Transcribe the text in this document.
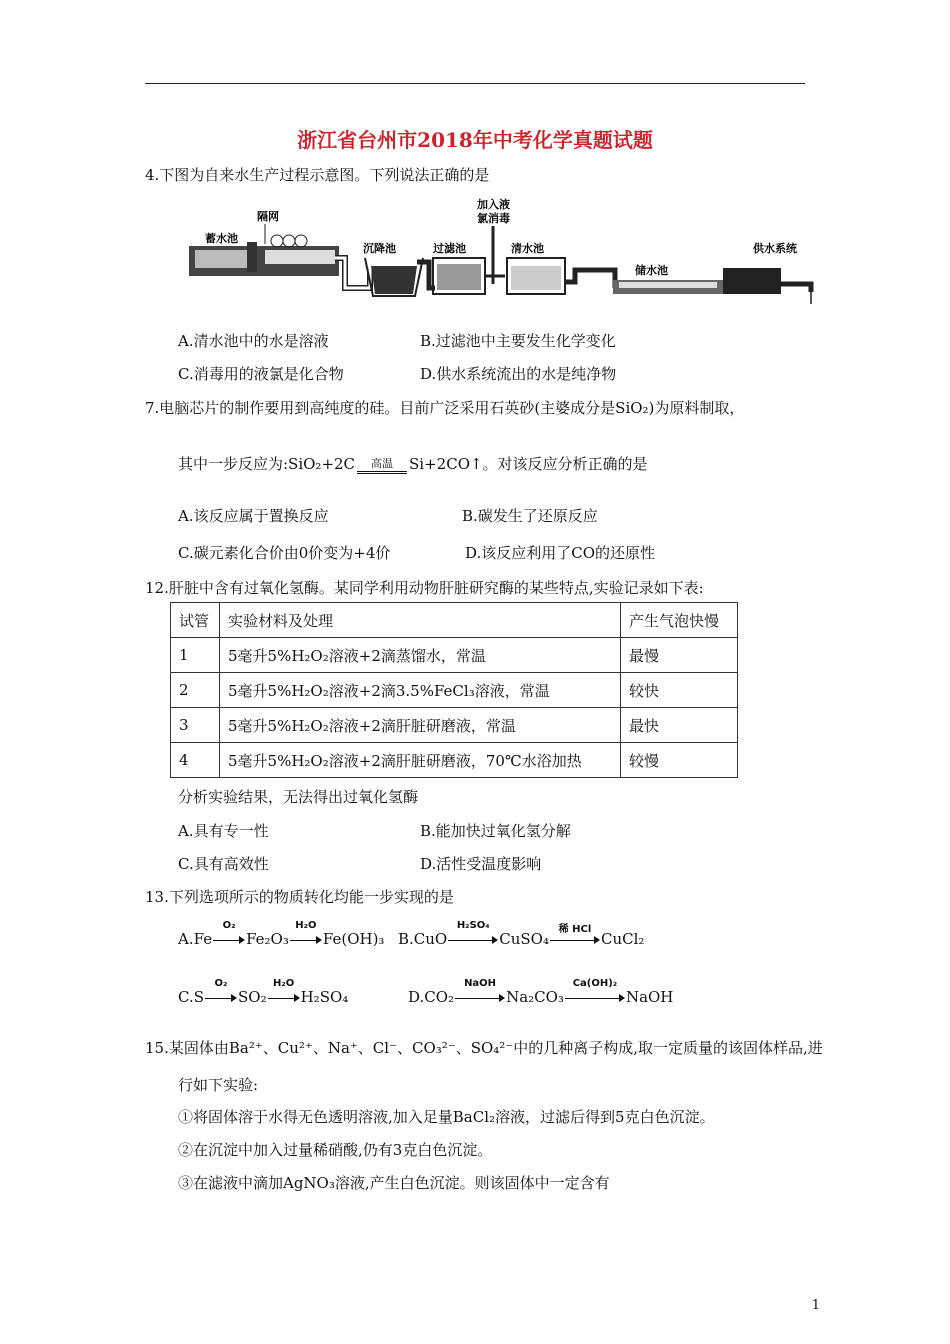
浙江省台州市2018年中考化学真题试题
4.下图为自来水生产过程示意图。下列说法正确的是
蓄水池
隔网
沉降池	过滤池
加入液
氯消毒
清水池
储水池
供水系统
A.清水池中的水是溶液	B.过滤池中主要发生化学变化
C.消毒用的液氯是化合物	D.供水系统流出的水是纯净物
7.电脑芯片的制作要用到高纯度的硅。目前广泛采用石英砂(主婆成分是SiO₂)为原料制取，
其中一步反应为:SiO₂+2C 高温 Si+2CO↑。对该反应分析正确的是
A.该反应属于置换反应	B.碳发生了还原反应
C.碳元素化合价由0价变为+4价	D.该反应利用了CO的还原性
12.肝脏中含有过氧化氢酶。某同学利用动物肝脏研究酶的某些特点,实验记录如下表:
试管	实验材料及处理	产生气泡快慢
1	5毫升5%H₂O₂溶液+2滴蒸馏水，常温	最慢
2	5毫升5%H₂O₂溶液+2滴3.5%FeCl₃溶液，常温	较快
3	5毫升5%H₂O₂溶液+2滴肝脏研磨液，常温	最快
4	5毫升5%H₂O₂溶液+2滴肝脏研磨液，70℃水浴加热	较慢
分析实验结果，无法得出过氧化氢酶
A.具有专一性	B.能加快过氧化氢分解
C.具有高效性	D.活性受温度影响
13.下列选项所示的物质转化均能一步实现的是
A.Fe
O₂
Fe₂O₃
H₂O
Fe(OH)₃ B.CuO
H₂SO₄
CuSO₄
稀 HCl
CuCl₂
C.S
O₂
SO₂
H₂O
H₂SO₄	D.CO₂
NaOH
Na₂CO₃
Ca(OH)₂
NaOH
15.某固体由Ba²⁺、Cu²⁺、Na⁺、Cl⁻、CO₃²⁻、SO₄²⁻中的几种离子构成,取一定质量的该固体样品,进
行如下实验:
①将固体溶于水得无色透明溶液,加入足量BaCl₂溶液，过滤后得到5克白色沉淀。
②在沉淀中加入过量稀硝酸,仍有3克白色沉淀。
③在滤液中滴加AgNO₃溶液,产生白色沉淀。则该固体中一定含有
1
